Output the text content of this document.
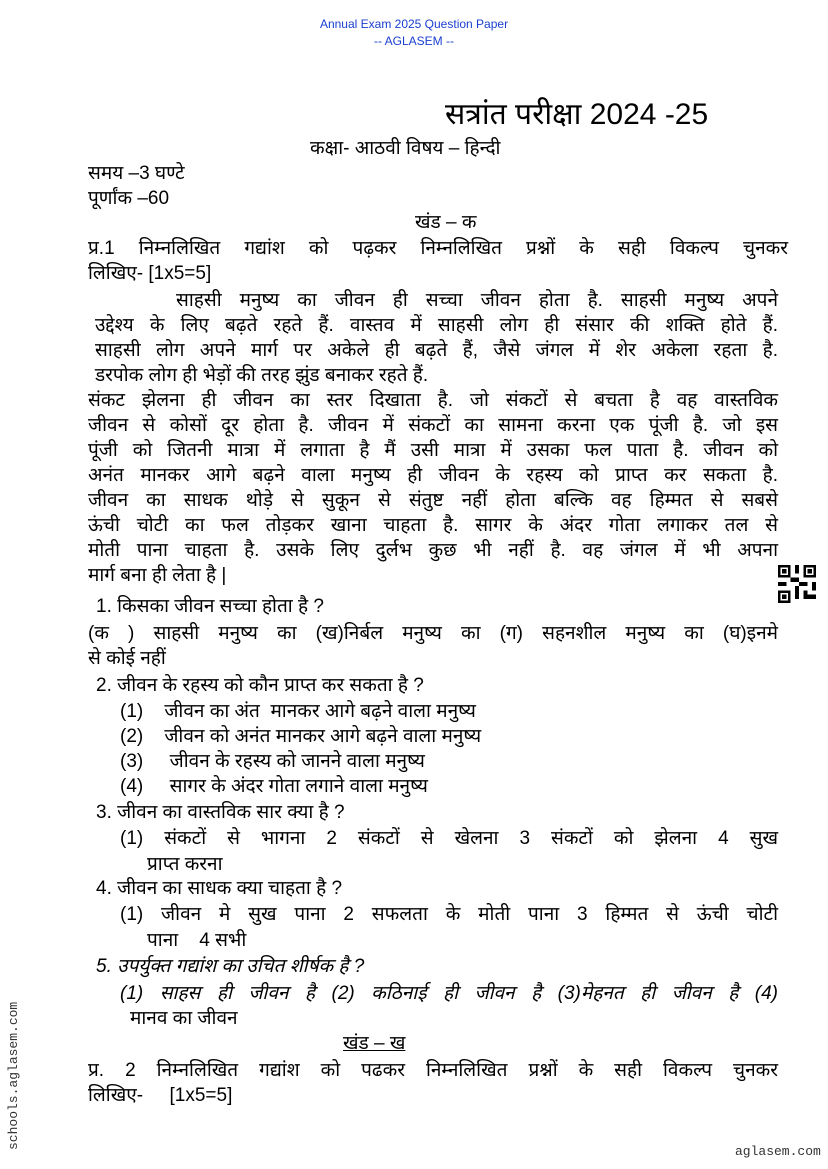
Annual Exam 2025 Question Paper
-- AGLASEM --
सत्रांत परीक्षा 2024 -25
कक्षा- आठवी विषय – हिन्दी
समय –3 घण्टे
पूर्णांक –60
खंड – क
प्र.1 निम्नलिखित गद्यांश को पढ़कर निम्नलिखित प्रश्नों के सही विकल्प चुनकर
लिखिए- [1x5=5]
साहसी मनुष्य का जीवन ही सच्चा जीवन होता है. साहसी मनुष्य अपने
उद्देश्य के लिए बढ़ते रहते हैं. वास्तव में साहसी लोग ही संसार की शक्ति होते हैं.
साहसी लोग अपने मार्ग पर अकेले ही बढ़ते हैं, जैसे जंगल में शेर अकेला रहता है.
डरपोक लोग ही भेड़ों की तरह झुंड बनाकर रहते हैं.
संकट झेलना ही जीवन का स्तर दिखाता है. जो संकटों से बचता है वह वास्तविक
जीवन से कोसों दूर होता है. जीवन में संकटों का सामना करना एक पूंजी है. जो इस
पूंजी को जितनी मात्रा में लगाता है मैं उसी मात्रा में उसका फल पाता है. जीवन को
अनंत मानकर आगे बढ़ने वाला मनुष्य ही जीवन के रहस्य को प्राप्त कर सकता है.
जीवन का साधक थोड़े से सुकून से संतुष्ट नहीं होता बल्कि वह हिम्मत से सबसे
ऊंची चोटी का फल तोड़कर खाना चाहता है. सागर के अंदर गोता लगाकर तल से
मोती पाना चाहता है. उसके लिए दुर्लभ कुछ भी नहीं है. वह जंगल में भी अपना
मार्ग बना ही लेता है |
1. किसका जीवन सच्चा होता है ?
(क ) साहसी मनुष्य का (ख)निर्बल मनुष्य का (ग) सहनशील मनुष्य का (घ)इनमे
से कोई नहीं
2. जीवन के रहस्य को कौन प्राप्त कर सकता है ?
(1)    जीवन का अंत  मानकर आगे बढ़ने वाला मनुष्य
(2)    जीवन को अनंत मानकर आगे बढ़ने वाला मनुष्य
(3)     जीवन के रहस्य को जानने वाला मनुष्य
(4)     सागर के अंदर गोता लगाने वाला मनुष्य
3. जीवन का वास्तविक सार क्या है ?
(1) संकटों से भागना 2 संकटों से खेलना 3 संकटों को झेलना 4 सुख
प्राप्त करना
4. जीवन का साधक क्या चाहता है ?
(1) जीवन मे सुख पाना 2 सफलता के मोती पाना 3 हिम्मत से ऊंची चोटी
पाना    4 सभी
5. उपर्युक्त गद्यांश का उचित शीर्षक है ?
(1) साहस ही जीवन है (2) कठिनाई ही जीवन है (3)मेहनत ही जीवन है (4)
मानव का जीवन
खंड – ख
प्र. 2 निम्नलिखित गद्यांश को पढकर निम्नलिखित प्रश्नों के सही विकल्प चुनकर
लिखिए-     [1x5=5]
schools.aglasem.com
aglasem.com
